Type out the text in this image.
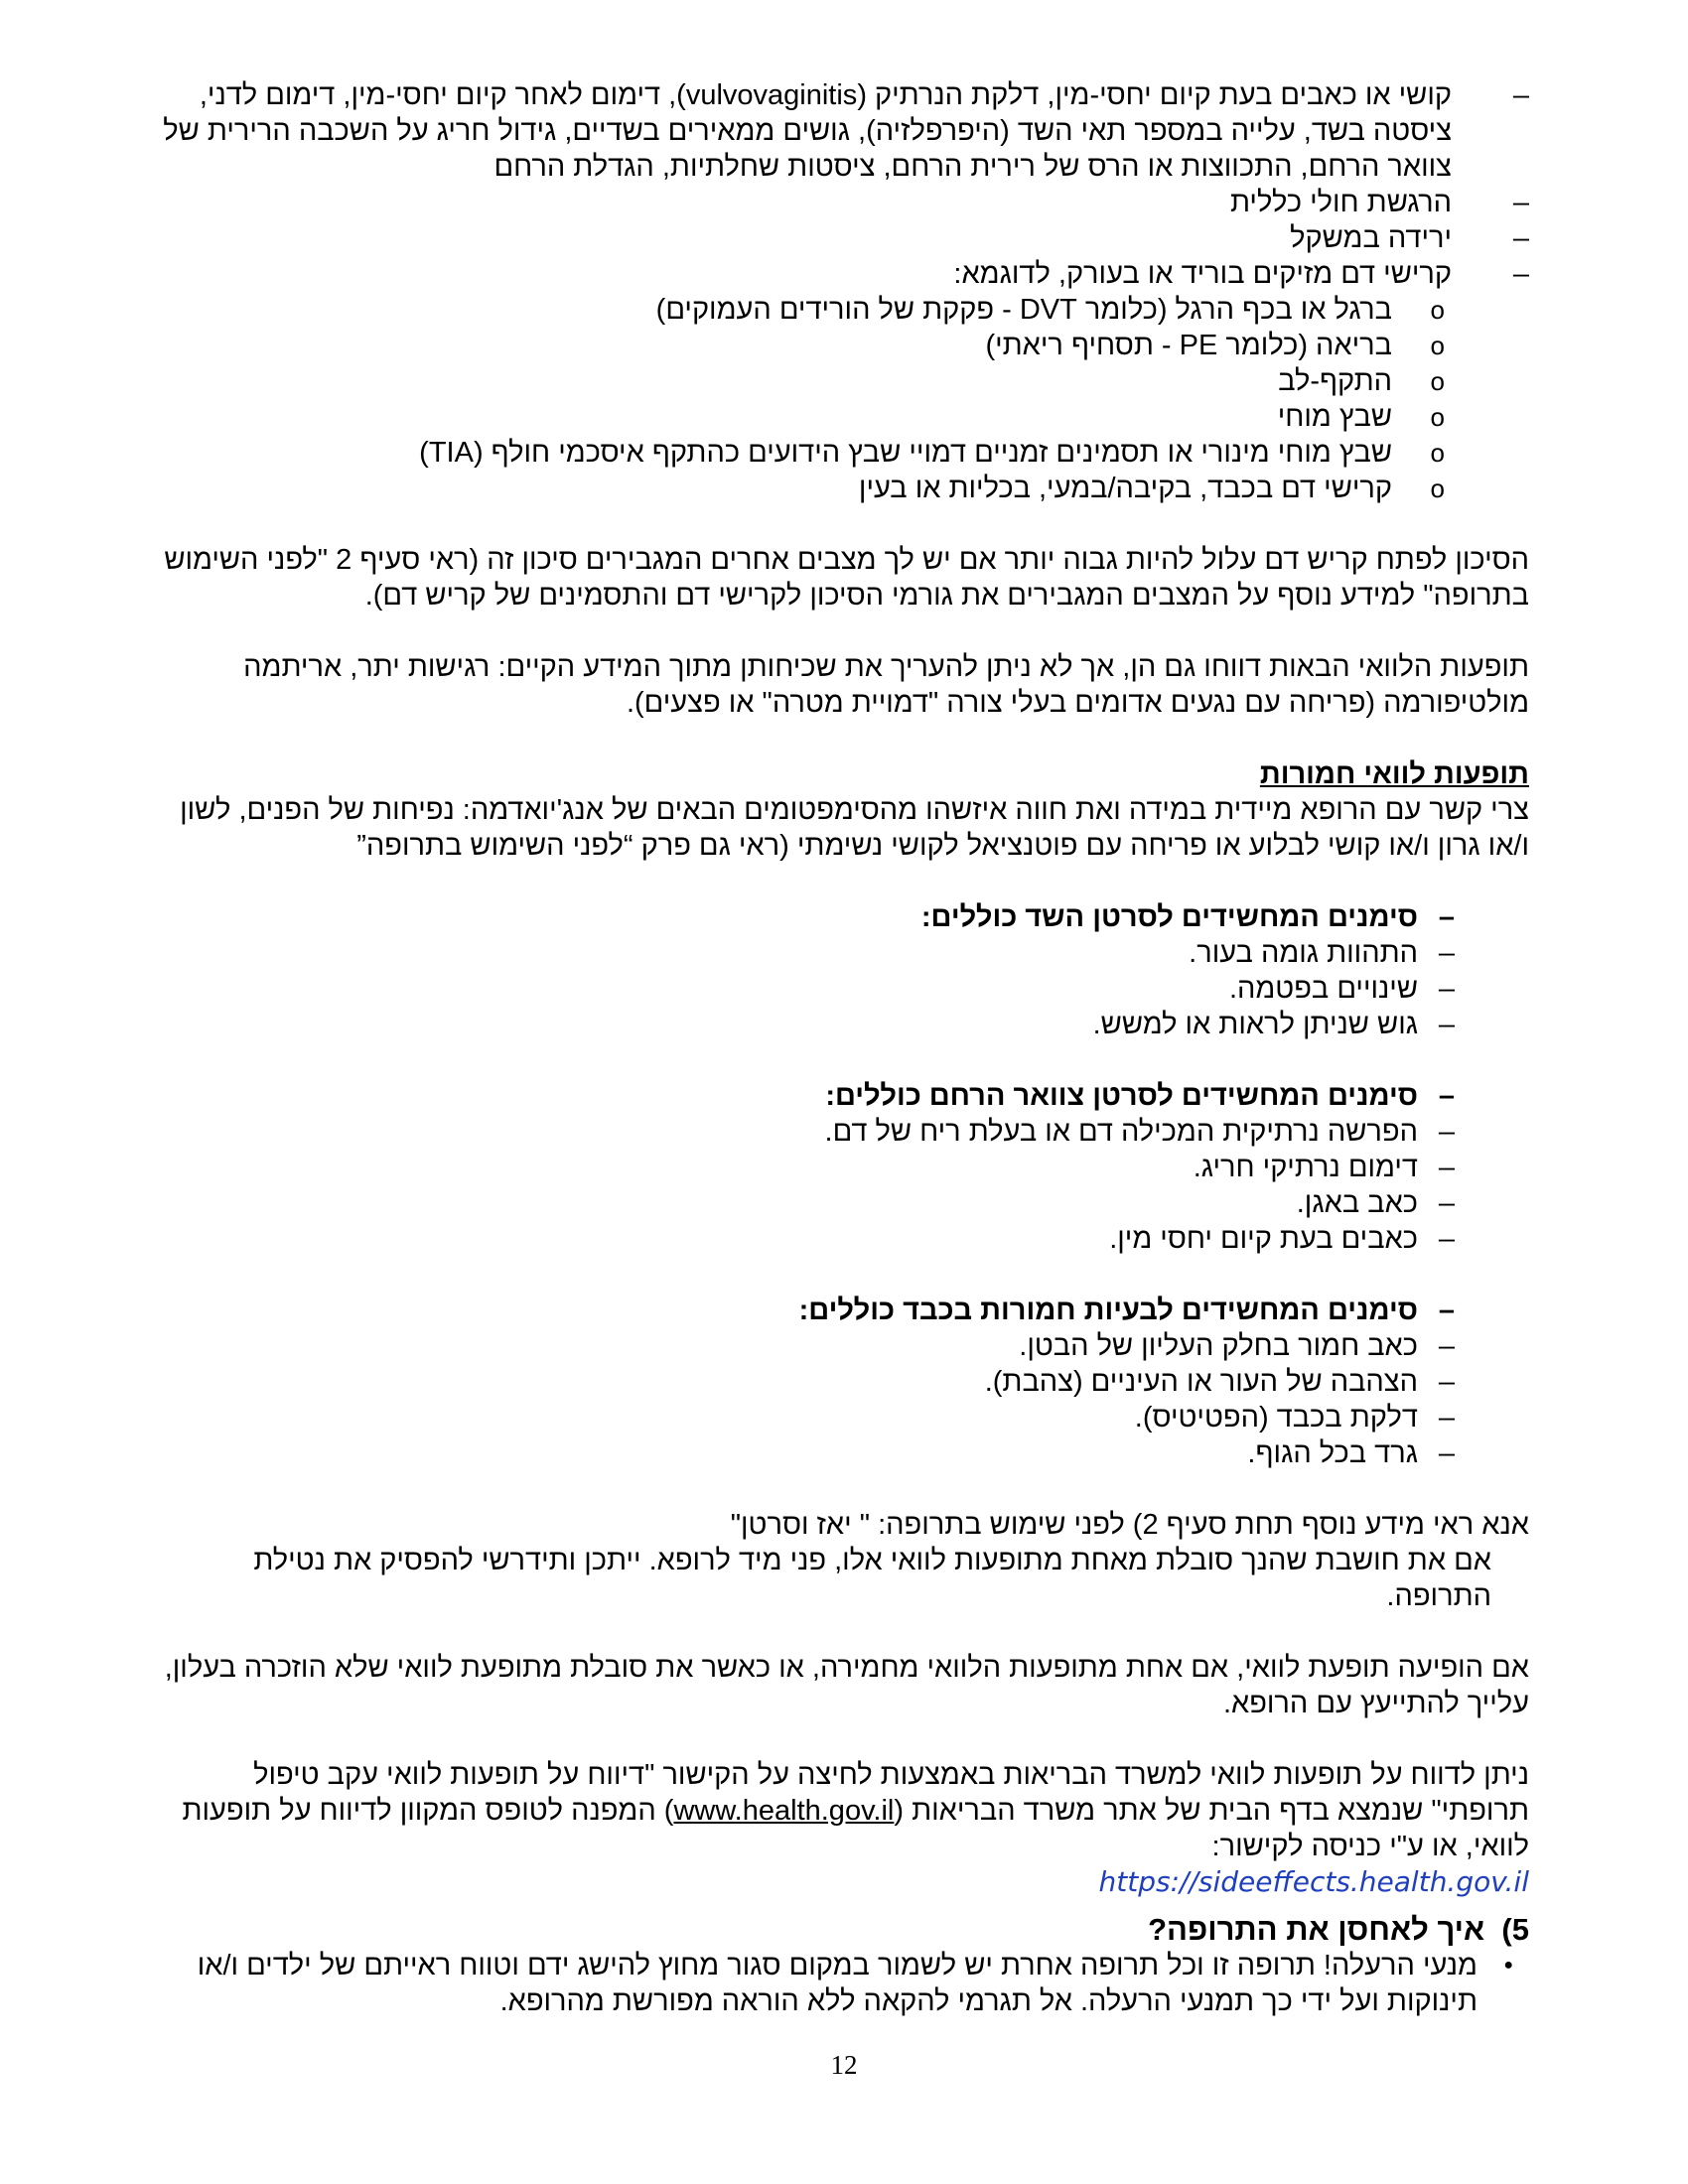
– קושי או כאבים בעת קיום יחסי-מין, דלקת הנרתיק (vulvovaginitis), דימום לאחר קיום יחסי-מין, דימום לדני, ציסטה בשד, עלייה במספר תאי השד (היפרפלזיה), גושים ממאירים בשדיים, גידול חריג על השכבה הרירית של צוואר הרחם, התכווצות או הרס של רירית הרחם, ציסטות שחלתיות, הגדלת הרחם
– הרגשת חולי כללית
– ירידה במשקל
– קרישי דם מזיקים בוריד או בעורק, לדוגמא:
o ברגל או בכף הרגל (כלומר DVT - פקקת של הורידים העמוקים)
o בריאה (כלומר PE - תסחיף ריאתי)
o התקף-לב
o שבץ מוחי
o שבץ מוחי מינורי או תסמינים זמניים דמויי שבץ הידועים כהתקף איסכמי חולף (TIA)
o קרישי דם בכבד, בקיבה/במעי, בכליות או בעין

הסיכון לפתח קריש דם עלול להיות גבוה יותר אם יש לך מצבים אחרים המגבירים סיכון זה (ראי סעיף 2 "לפני השימוש בתרופה" למידע נוסף על המצבים המגבירים את גורמי הסיכון לקרישי דם והתסמינים של קריש דם).

תופעות הלוואי הבאות דווחו גם הן, אך לא ניתן להעריך את שכיחותן מתוך המידע הקיים: רגישות יתר, אריתמה מולטיפורמה (פריחה עם נגעים אדומים בעלי צורה "דמויית מטרה" או פצעים).

תופעות לוואי חמורות

צרי קשר עם הרופא מיידית במידה ואת חווה איזשהו מהסימפטומים הבאים של אנג'יואדמה: נפיחות של הפנים, לשון ו/או גרון ו/או קושי לבלוע או פריחה עם פוטנציאל לקושי נשימתי (ראי גם פרק “לפני השימוש בתרופה”

– סימנים המחשידים לסרטן השד כוללים:
– התהוות גומה בעור.
– שינויים בפטמה.
– גוש שניתן לראות או למשש.
– סימנים המחשידים לסרטן צוואר הרחם כוללים:
– הפרשה נרתיקית המכילה דם או בעלת ריח של דם.
– דימום נרתיקי חריג.
– כאב באגן.
– כאבים בעת קיום יחסי מין.
– סימנים המחשידים לבעיות חמורות בכבד כוללים:
– כאב חמור בחלק העליון של הבטן.
– הצהבה של העור או העיניים (צהבת).
– דלקת בכבד (הפטיטיס).
– גרד בכל הגוף.

אנא ראי מידע נוסף תחת סעיף 2) לפני שימוש בתרופה: " יאז וסרטן"

אם את חושבת שהנך סובלת מאחת מתופעות לוואי אלו, פני מיד לרופא. ייתכן ותידרשי להפסיק את נטילת התרופה.

אם הופיעה תופעת לוואי, אם אחת מתופעות הלוואי מחמירה, או כאשר את סובלת מתופעת לוואי שלא הוזכרה בעלון, עלייך להתייעץ עם הרופא.

ניתן לדווח על תופעות לוואי למשרד הבריאות באמצעות לחיצה על הקישור "דיווח על תופעות לוואי עקב טיפול תרופתי" שנמצא בדף הבית של אתר משרד הבריאות (www.health.gov.il) המפנה לטופס המקוון לדיווח על תופעות לוואי, או ע"י כניסה לקישור:

https://sideeffects.health.gov.il
5)  איך לאחסן את התרופה?
● מנעי הרעלה! תרופה זו וכל תרופה אחרת יש לשמור במקום סגור מחוץ להישג ידם וטווח ראייתם של ילדים ו/או תינוקות ועל ידי כך תמנעי הרעלה. אל תגרמי להקאה ללא הוראה מפורשת מהרופא.
12
